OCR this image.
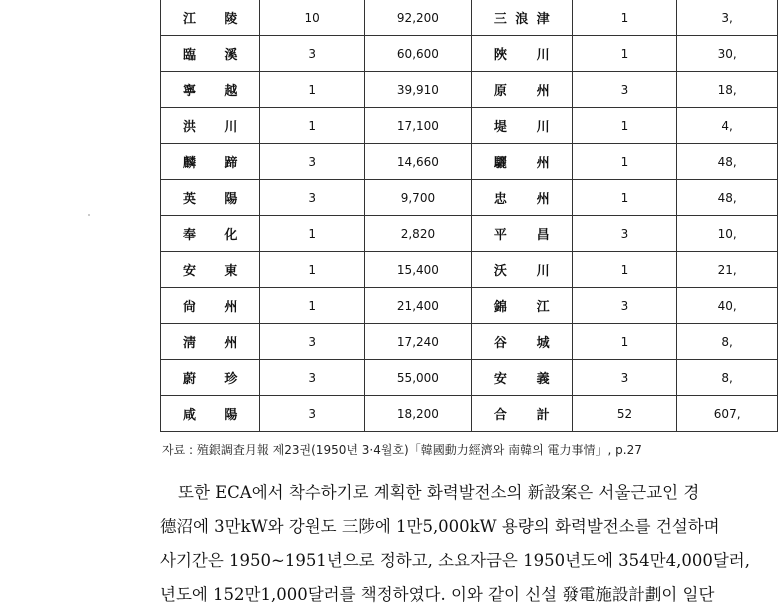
江陵	10	92,200	三浪津	1	3,
臨溪	3	60,600	陜川	1	30,
寧越	1	39,910	原州	3	18,
洪川	1	17,100	堤川	1	4,
麟蹄	3	14,660	驪州	1	48,
英陽	3	9,700	忠州	1	48,
奉化	1	2,820	平昌	3	10,
安東	1	15,400	沃川	1	21,
尙州	1	21,400	錦江	3	40,
淸州	3	17,240	谷城	1	8,
蔚珍	3	55,000	安義	3	8,
咸陽	3	18,200	合計	52	607,
자료 : 殖銀調査月報 제23권(1950년 3·4월호)「韓國動力經濟와 南韓의 電力事情」, p.27

또한 ECA에서 착수하기로 계획한 화력발전소의 新設案은 서울근교인 경

德沼에 3만kW와 강원도 三陟에 1만5,000kW 용량의 화력발전소를 건설하며

사기간은 1950~1951년으로 정하고, 소요자금은 1950년도에 354만4,000달러,

년도에 152만1,000달러를 책정하였다. 이와 같이 신설 發電施設計劃이 일단
